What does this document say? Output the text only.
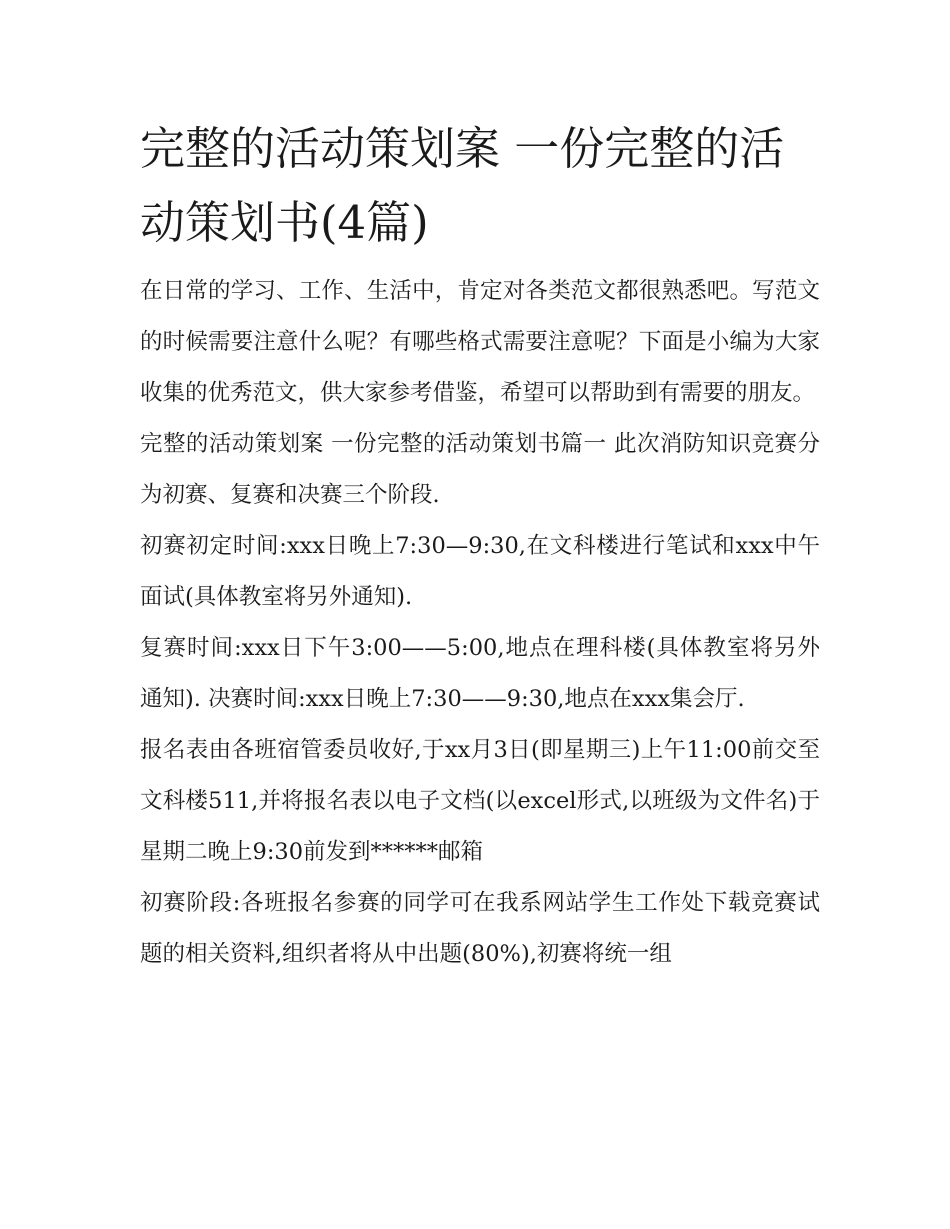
完整的活动策划案 一份完整的活动策划书(4篇)

在日常的学习、工作、生活中，肯定对各类范文都很熟悉吧。写范文的时候需要注意什么呢？有哪些格式需要注意呢？下面是小编为大家收集的优秀范文，供大家参考借鉴，希望可以帮助到有需要的朋友。

完整的活动策划案 一份完整的活动策划书篇一 此次消防知识竞赛分为初赛、复赛和决赛三个阶段.

初赛初定时间:xxx日晚上7:30—9:30,在文科楼进行笔试和xxx中午面试(具体教室将另外通知).

复赛时间:xxx日下午3:00——5:00,地点在理科楼(具体教室将另外通知). 决赛时间:xxx日晚上7:30——9:30,地点在xxx集会厅.

报名表由各班宿管委员收好,于xx月3日(即星期三)上午11:00前交至文科楼511,并将报名表以电子文档(以excel形式,以班级为文件名)于星期二晚上9:30前发到******邮箱

初赛阶段:各班报名参赛的同学可在我系网站学生工作处下载竞赛试题的相关资料,组织者将从中出题(80%),初赛将统一组
